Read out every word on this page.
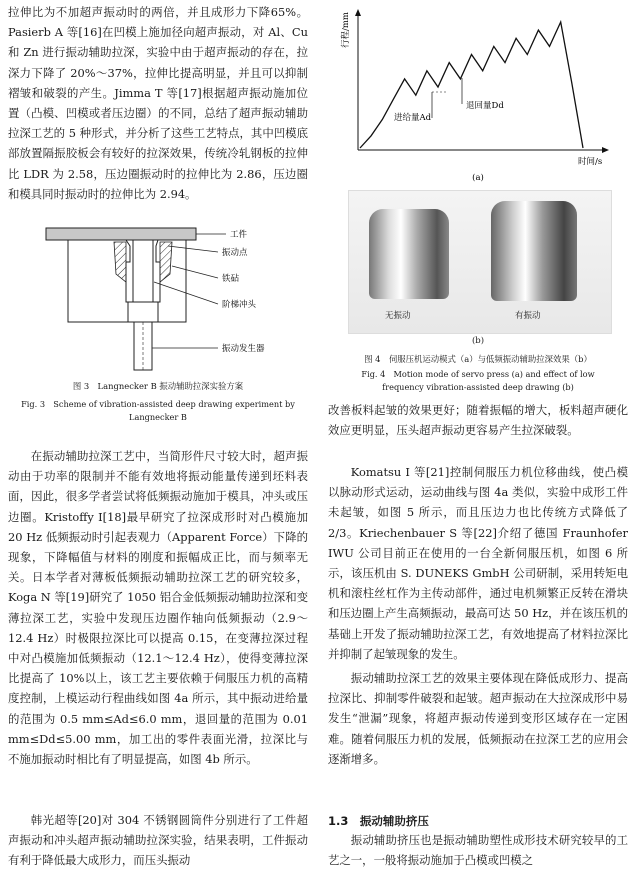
拉伸比为不加超声振动时的两倍，并且成形力下降65%。Pasierb A 等[16]在凹模上施加径向超声振动，对 Al、Cu 和 Zn 进行振动辅助拉深，实验中由于超声振动的存在，拉深力下降了 20%～37%，拉伸比提高明显，并且可以抑制褶皱和破裂的产生。Jimma T 等[17]根据超声振动施加位置（凸模、凹模或者压边圈）的不同，总结了超声振动辅助拉深工艺的 5 种形式，并分析了这些工艺特点，其中凹模底部放置隔振胶板会有较好的拉深效果，传统冷轧钢板的拉伸比 LDR 为 2.58，压边圈振动时的拉伸比为 2.86，压边圈和模具同时振动时的拉伸比为 2.94。

工件
振动点
铁砧
阶梯冲头
振动发生器
图 3　Langnecker B 振动辅助拉深实验方案
Fig. 3　Scheme of vibration-assisted deep drawing experiment by Langnecker B

在振动辅助拉深工艺中，当简形件尺寸较大时，超声振动由于功率的限制并不能有效地将振动能量传递到坯料表面，因此，很多学者尝试将低频振动施加于模具，冲头或压边圈。Kristoffy I[18]最早研究了拉深成形时对凸模施加 20 Hz 低频振动时引起表观力（Apparent Force）下降的现象，下降幅值与材料的刚度和振幅成正比，而与频率无关。日本学者对薄板低频振动辅助拉深工艺的研究较多，Koga N 等[19]研究了 1050 铝合金低频振动辅助拉深和变薄拉深工艺，实验中发现压边圈作轴向低频振动（2.9～12.4 Hz）时极限拉深比可以提高 0.15，在变薄拉深过程中对凸模施加低频振动（12.1～12.4 Hz），使得变薄拉深比提高了 10%以上，该工艺主要依赖于伺服压力机的高精度控制，上模运动行程曲线如图 4a 所示，其中振动进给量的范围为 0.5 mm≤Ad≤6.0 mm，退回量的范围为 0.01 mm≤Dd≤5.00 mm，加工出的零件表面光滑，拉深比与不施加振动时相比有了明显提高，如图 4b 所示。

韩光超等[20]对 304 不锈钢圆筒件分别进行了工件超声振动和冲头超声振动辅助拉深实验，结果表明，工件振动有利于降低最大成形力，而压头振动

行程/mm
时间/s
进给量Ad
退回量Dd
(a)
无振动	有振动
(b)
图 4　伺服压机运动模式（a）与低频振动辅助拉深效果（b）
Fig. 4　Motion mode of servo press (a) and effect of low
frequency vibration-assisted deep drawing (b)

改善板料起皱的效果更好；随着振幅的增大，板料超声硬化效应更明显，压头超声振动更容易产生拉深破裂。

Komatsu I 等[21]控制伺服压力机位移曲线，使凸模以脉动形式运动，运动曲线与图 4a 类似，实验中成形工件未起皱，如图 5 所示，而且压边力也比传统方式降低了 2/3。Kriechenbauer S 等[22]介绍了德国 Fraunhofer IWU 公司目前正在使用的一台全新伺服压机，如图 6 所示，该压机由 S. DUNEKS GmbH 公司研制，采用转矩电机和滚柱丝杠作为主传动部件，通过电机频繁正反转在滑块和压边圈上产生高频振动，最高可达 50 Hz，并在该压机的基础上开发了振动辅助拉深工艺，有效地提高了材料拉深比并抑制了起皱现象的发生。

振动辅助拉深工艺的效果主要体现在降低成形力、提高拉深比、抑制零件破裂和起皱。超声振动在大拉深成形中易发生“泄漏”现象，将超声振动传递到变形区域存在一定困难。随着伺服压力机的发展，低频振动在拉深工艺的应用会逐渐增多。

1.3　振动辅助挤压

振动辅助挤压也是振动辅助塑性成形技术研究较早的工艺之一，一般将振动施加于凸模或凹模之
